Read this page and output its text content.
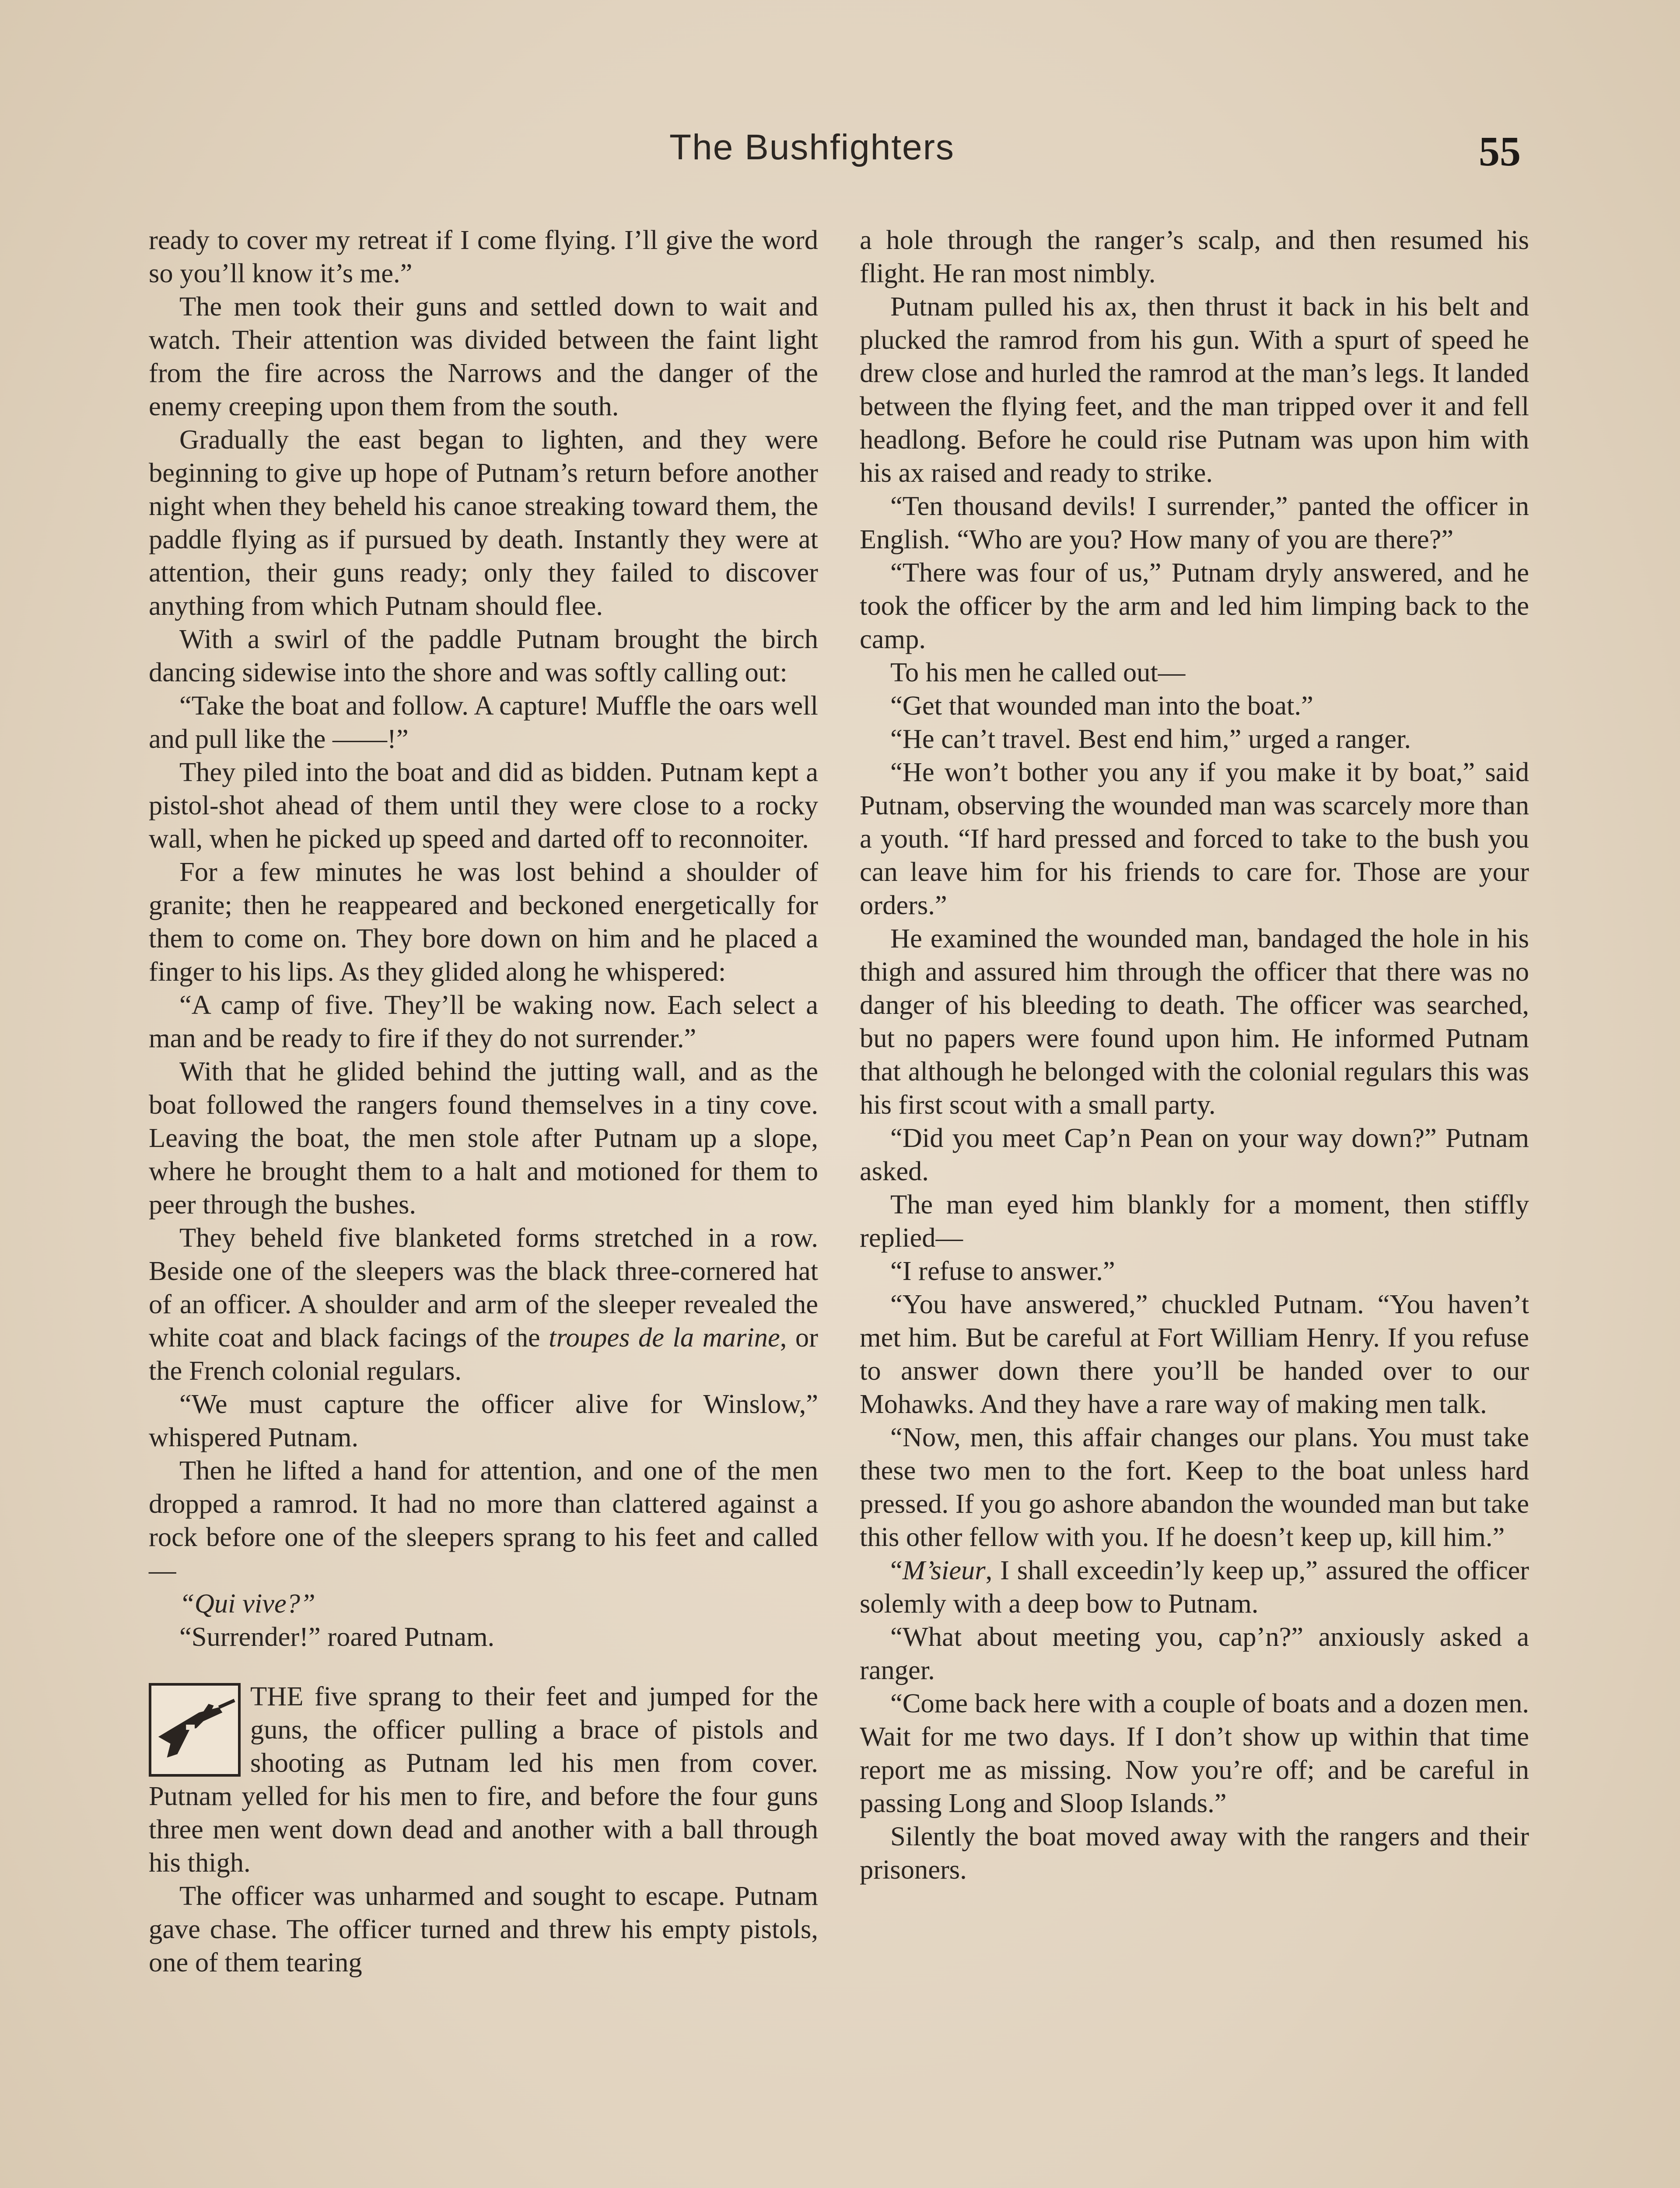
The Bushfighters	55

ready to cover my retreat if I come flying. I’ll give the word so you’ll know it’s me.”

The men took their guns and settled down to wait and watch. Their attention was divided between the faint light from the fire across the Narrows and the danger of the enemy creeping upon them from the south.

Gradually the east began to lighten, and they were beginning to give up hope of Putnam’s return before another night when they beheld his canoe streaking toward them, the paddle flying as if pursued by death. Instantly they were at attention, their guns ready; only they failed to discover anything from which Putnam should flee.

With a swirl of the paddle Putnam brought the birch dancing sidewise into the shore and was softly calling out:

“Take the boat and follow. A capture! Muffle the oars well and pull like the ——!”

They piled into the boat and did as bidden. Putnam kept a pistol-shot ahead of them until they were close to a rocky wall, when he picked up speed and darted off to reconnoiter.

For a few minutes he was lost behind a shoulder of granite; then he reappeared and beckoned energetically for them to come on. They bore down on him and he placed a finger to his lips. As they glided along he whispered:

“A camp of five. They’ll be waking now. Each select a man and be ready to fire if they do not surrender.”

With that he glided behind the jutting wall, and as the boat followed the rangers found themselves in a tiny cove. Leaving the boat, the men stole after Putnam up a slope, where he brought them to a halt and motioned for them to peer through the bushes.

They beheld five blanketed forms stretched in a row. Beside one of the sleepers was the black three-cornered hat of an officer. A shoulder and arm of the sleeper revealed the white coat and black facings of the troupes de la marine, or the French colonial regulars.

“We must capture the officer alive for Winslow,” whispered Putnam.

Then he lifted a hand for attention, and one of the men dropped a ramrod. It had no more than clattered against a rock before one of the sleepers sprang to his feet and called—

“Qui vive?”

“Surrender!” roared Putnam.

THE five sprang to their feet and jumped for the guns, the officer pulling a brace of pistols and shooting as Putnam led his men from cover. Putnam yelled for his men to fire, and before the four guns three men went down dead and another with a ball through his thigh.

The officer was unharmed and sought to escape. Putnam gave chase. The officer turned and threw his empty pistols, one of them tearing

a hole through the ranger’s scalp, and then resumed his flight. He ran most nimbly.

Putnam pulled his ax, then thrust it back in his belt and plucked the ramrod from his gun. With a spurt of speed he drew close and hurled the ramrod at the man’s legs. It landed between the flying feet, and the man tripped over it and fell headlong. Before he could rise Putnam was upon him with his ax raised and ready to strike.

“Ten thousand devils! I surrender,” panted the officer in English. “Who are you? How many of you are there?”

“There was four of us,” Putnam dryly answered, and he took the officer by the arm and led him limping back to the camp.

To his men he called out—

“Get that wounded man into the boat.”

“He can’t travel. Best end him,” urged a ranger.

“He won’t bother you any if you make it by boat,” said Putnam, observing the wounded man was scarcely more than a youth. “If hard pressed and forced to take to the bush you can leave him for his friends to care for. Those are your orders.”

He examined the wounded man, bandaged the hole in his thigh and assured him through the officer that there was no danger of his bleeding to death. The officer was searched, but no papers were found upon him. He informed Putnam that although he belonged with the colonial regulars this was his first scout with a small party.

“Did you meet Cap’n Pean on your way down?” Putnam asked.

The man eyed him blankly for a moment, then stiffly replied—

“I refuse to answer.”

“You have answered,” chuckled Putnam. “You haven’t met him. But be careful at Fort William Henry. If you refuse to answer down there you’ll be handed over to our Mohawks. And they have a rare way of making men talk.

“Now, men, this affair changes our plans. You must take these two men to the fort. Keep to the boat unless hard pressed. If you go ashore abandon the wounded man but take this other fellow with you. If he doesn’t keep up, kill him.”

“M’sieur, I shall exceedin’ly keep up,” assured the officer solemly with a deep bow to Putnam.

“What about meeting you, cap’n?” anxiously asked a ranger.

“Come back here with a couple of boats and a dozen men. Wait for me two days. If I don’t show up within that time report me as missing. Now you’re off; and be careful in passing Long and Sloop Islands.”

Silently the boat moved away with the rangers and their prisoners.
